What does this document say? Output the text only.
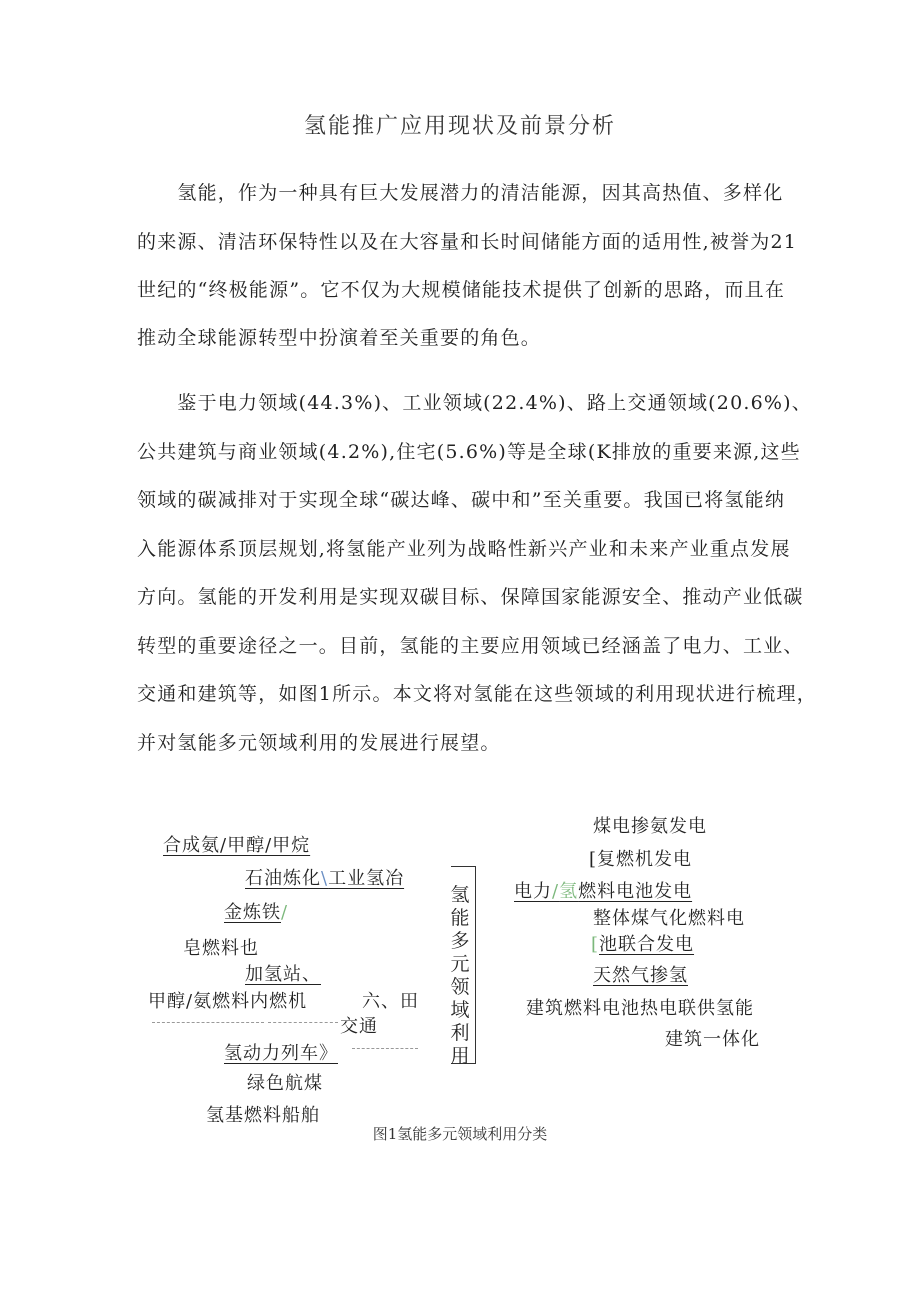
氢能推广应用现状及前景分析
　　氢能，作为一种具有巨大发展潜力的清洁能源，因其高热值、多样化
的来源、清洁环保特性以及在大容量和长时间储能方面的适用性,被誉为21
世纪的“终极能源”。它不仅为大规模储能技术提供了创新的思路，而且在
推动全球能源转型中扮演着至关重要的角色。
　　鉴于电力领域(44.3%)、工业领域(22.4%)、路上交通领域(20.6%)、
公共建筑与商业领域(4.2%),住宅(5.6%)等是全球(K排放的重要来源,这些
领域的碳减排对于实现全球“碳达峰、碳中和”至关重要。我国已将氢能纳
入能源体系顶层规划,将氢能产业列为战略性新兴产业和未来产业重点发展
方向。氢能的开发利用是实现双碳目标、保障国家能源安全、推动产业低碳
转型的重要途径之一。目前，氢能的主要应用领域已经涵盖了电力、工业、
交通和建筑等，如图1所示。本文将对氢能在这些领域的利用现状进行梳理，
并对氢能多元领域利用的发展进行展望。
氢
能
多
元
领
域
利
用
合成氨/甲醇/甲烷
石油炼化\工业氢冶
金炼铁/
皂燃料也
加氢站、
甲醇/氨燃料内燃机	六、田
交通
氢动力列车》
绿色航煤
氢基燃料船舶
煤电掺氨发电
[复燃机发电
电力/氢燃料电池发电
整体煤气化燃料电
[池联合发电
天然气掺氢
建筑燃料电池热电联供氢能
建筑一体化
图1氢能多元领域利用分类
